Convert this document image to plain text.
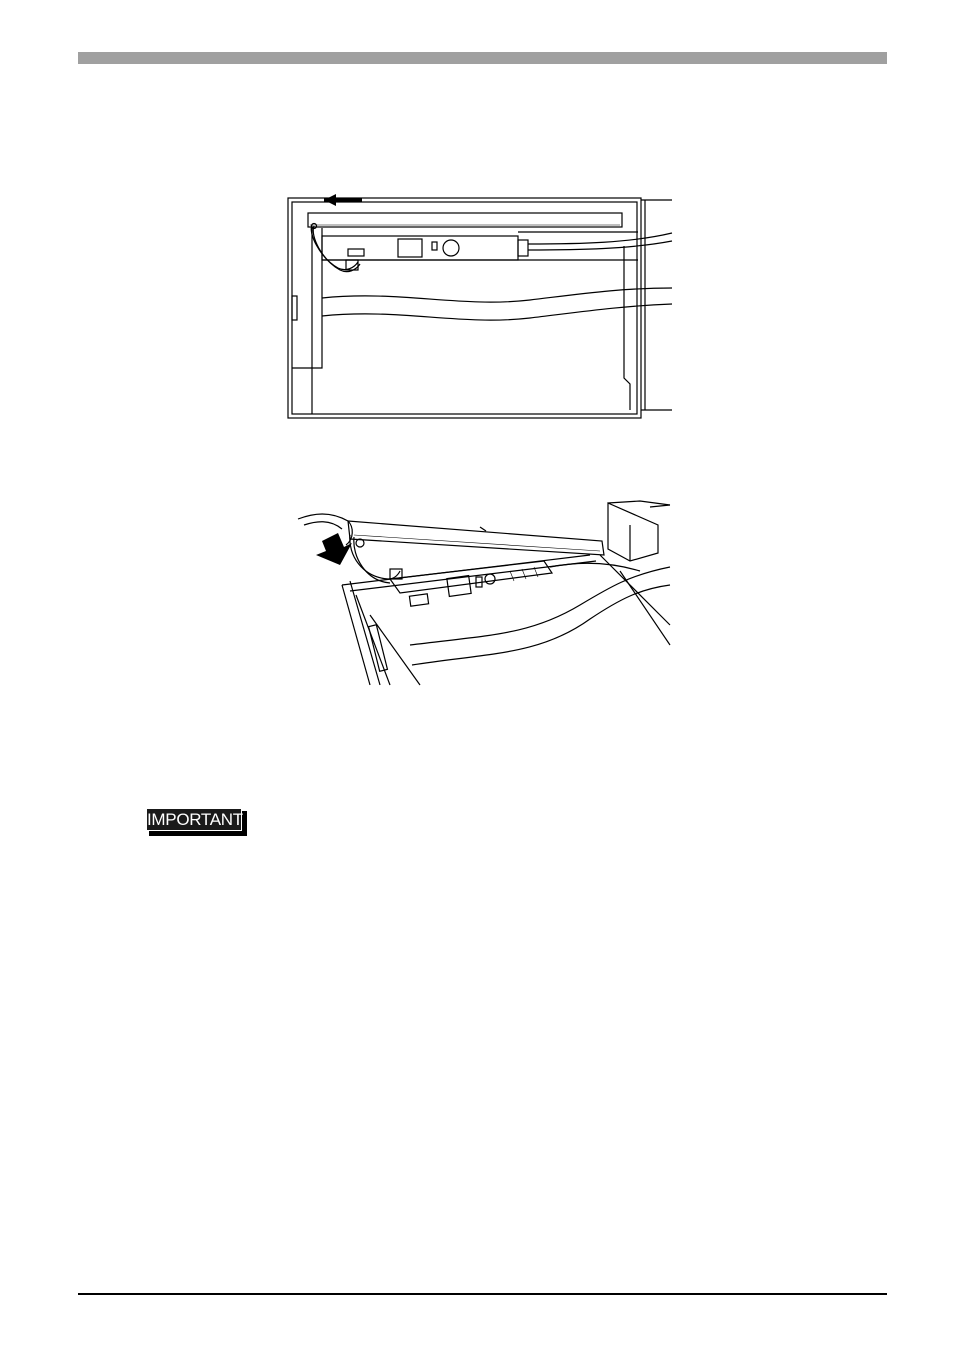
IMPORTANT
